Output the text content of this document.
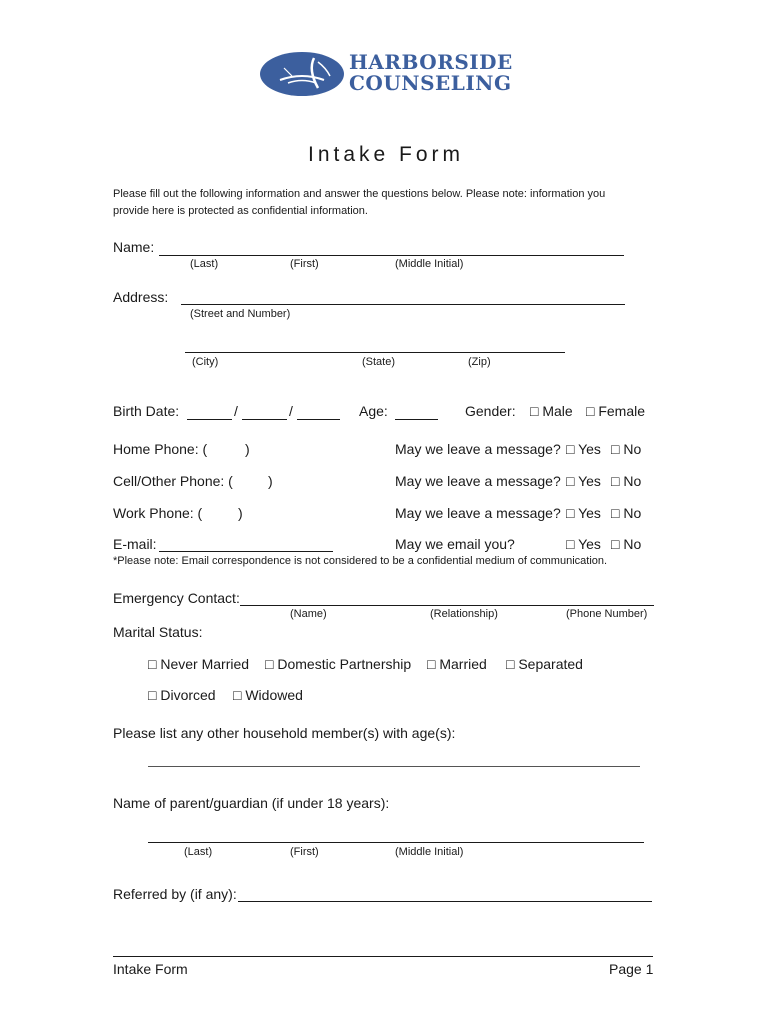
HARBORSIDE
COUNSELING
Intake Form
Please fill out the following information and answer the questions below. Please note: information you
provide here is protected as confidential information.
Name:
(Last)	(First)	(Middle Initial)
Address:
(Street and Number)
(City)	(State)	(Zip)
Birth Date:	/	/	Age:	Gender: □ Male □ Female
Home Phone: (	)	May we leave a message? □ Yes □ No
Cell/Other Phone: (	)	May we leave a message? □ Yes □ No
Work Phone: (	)	May we leave a message? □ Yes □ No
E-mail:	May we email you?	□ Yes □ No
*Please note: Email correspondence is not considered to be a confidential medium of communication.
Emergency Contact:
(Name)	(Relationship)	(Phone Number)
Marital Status:
□ Never Married □ Domestic Partnership □ Married □ Separated
□ Divorced □ Widowed
Please list any other household member(s) with age(s):
Name of parent/guardian (if under 18 years):
(Last)	(First)	(Middle Initial)
Referred by (if any):
Intake Form	Page 1
